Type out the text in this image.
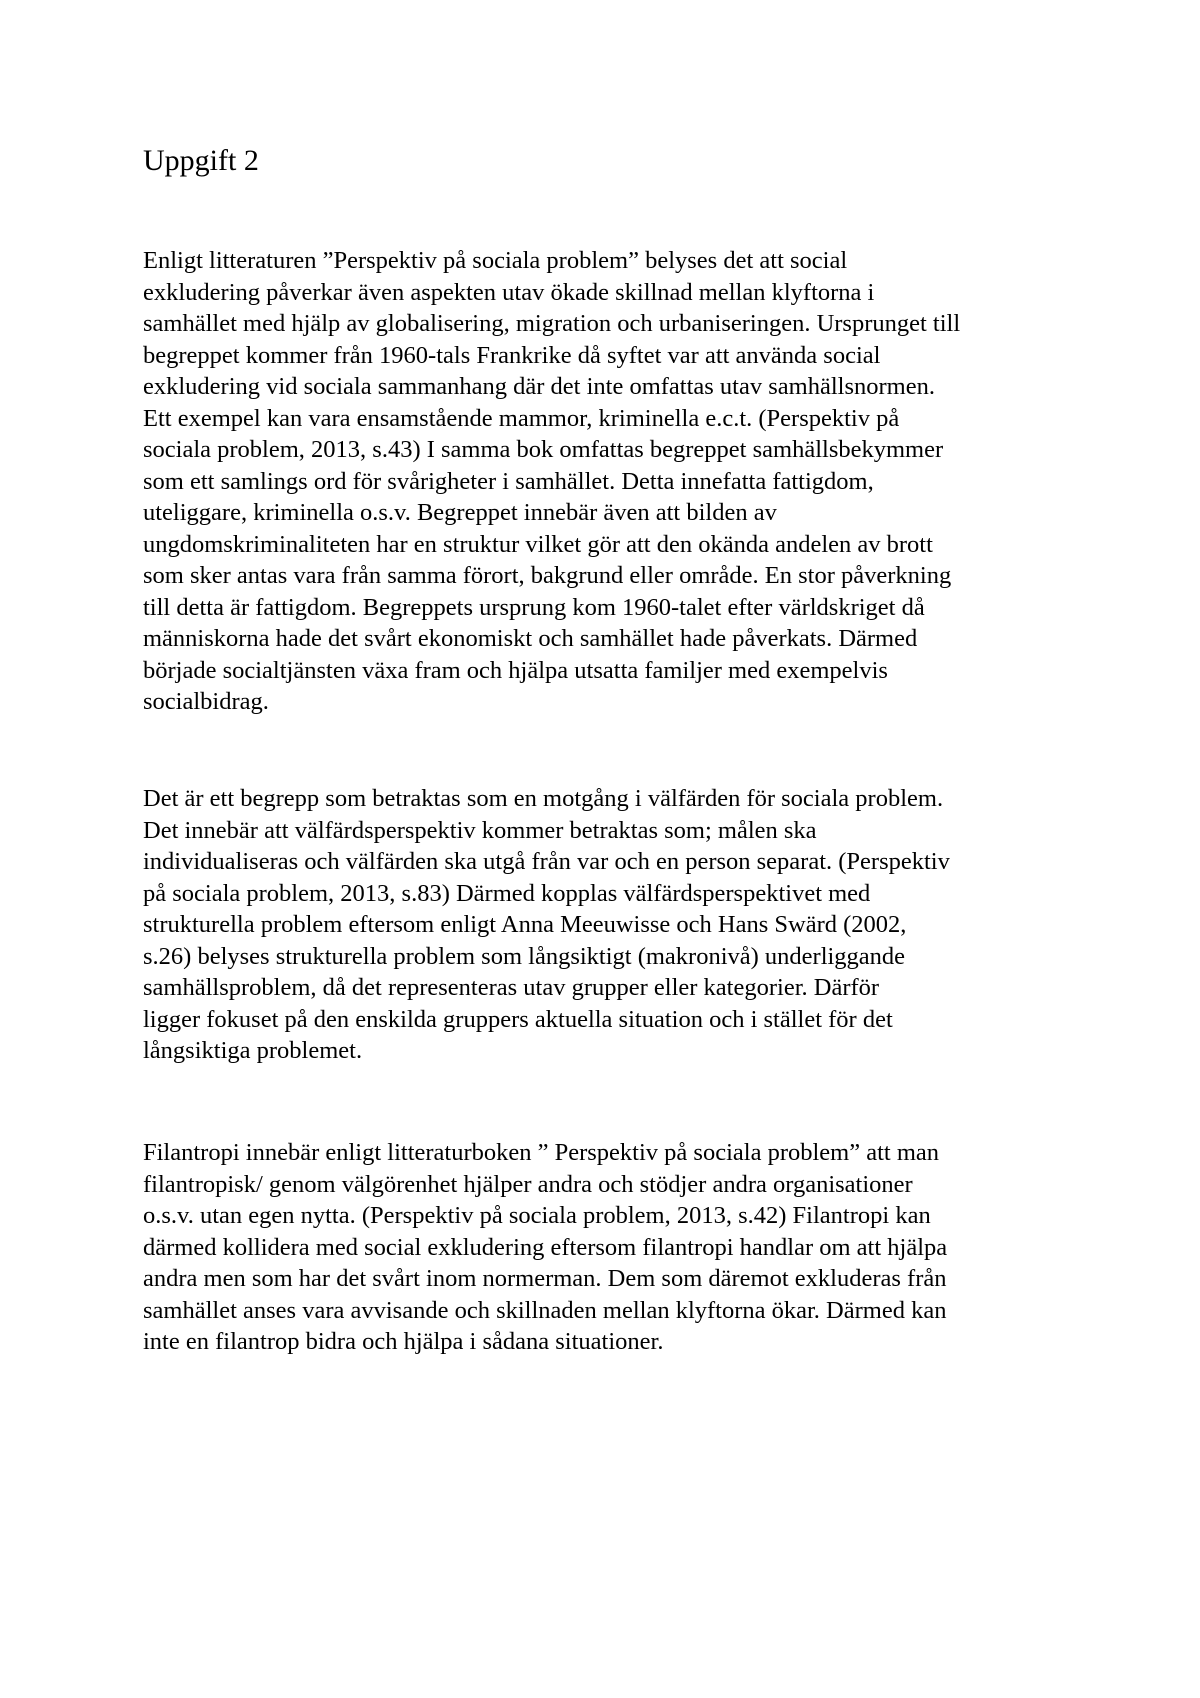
Uppgift 2
Enligt litteraturen ”Perspektiv på sociala problem” belyses det att social
exkludering påverkar även aspekten utav ökade skillnad mellan klyftorna i
samhället med hjälp av globalisering, migration och urbaniseringen. Ursprunget till
begreppet kommer från 1960-tals Frankrike då syftet var att använda social
exkludering vid sociala sammanhang där det inte omfattas utav samhällsnormen.
Ett exempel kan vara ensamstående mammor, kriminella e.c.t. (Perspektiv på
sociala problem, 2013, s.43) I samma bok omfattas begreppet samhällsbekymmer
som ett samlings ord för svårigheter i samhället. Detta innefatta fattigdom,
uteliggare, kriminella o.s.v. Begreppet innebär även att bilden av
ungdomskriminaliteten har en struktur vilket gör att den okända andelen av brott
som sker antas vara från samma förort, bakgrund eller område. En stor påverkning
till detta är fattigdom. Begreppets ursprung kom 1960-talet efter världskriget då
människorna hade det svårt ekonomiskt och samhället hade påverkats. Därmed
började socialtjänsten växa fram och hjälpa utsatta familjer med exempelvis
socialbidrag.
Det är ett begrepp som betraktas som en motgång i välfärden för sociala problem.
Det innebär att välfärdsperspektiv kommer betraktas som; målen ska
individualiseras och välfärden ska utgå från var och en person separat. (Perspektiv
på sociala problem, 2013, s.83) Därmed kopplas välfärdsperspektivet med
strukturella problem eftersom enligt Anna Meeuwisse och Hans Swärd (2002,
s.26) belyses strukturella problem som långsiktigt (makronivå) underliggande
samhällsproblem, då det representeras utav grupper eller kategorier. Därför
ligger fokuset på den enskilda gruppers aktuella situation och i stället för det
långsiktiga problemet.
Filantropi innebär enligt litteraturboken ” Perspektiv på sociala problem” att man
filantropisk/ genom välgörenhet hjälper andra och stödjer andra organisationer
o.s.v. utan egen nytta. (Perspektiv på sociala problem, 2013, s.42) Filantropi kan
därmed kollidera med social exkludering eftersom filantropi handlar om att hjälpa
andra men som har det svårt inom normerman. Dem som däremot exkluderas från
samhället anses vara avvisande och skillnaden mellan klyftorna ökar. Därmed kan
inte en filantrop bidra och hjälpa i sådana situationer.
